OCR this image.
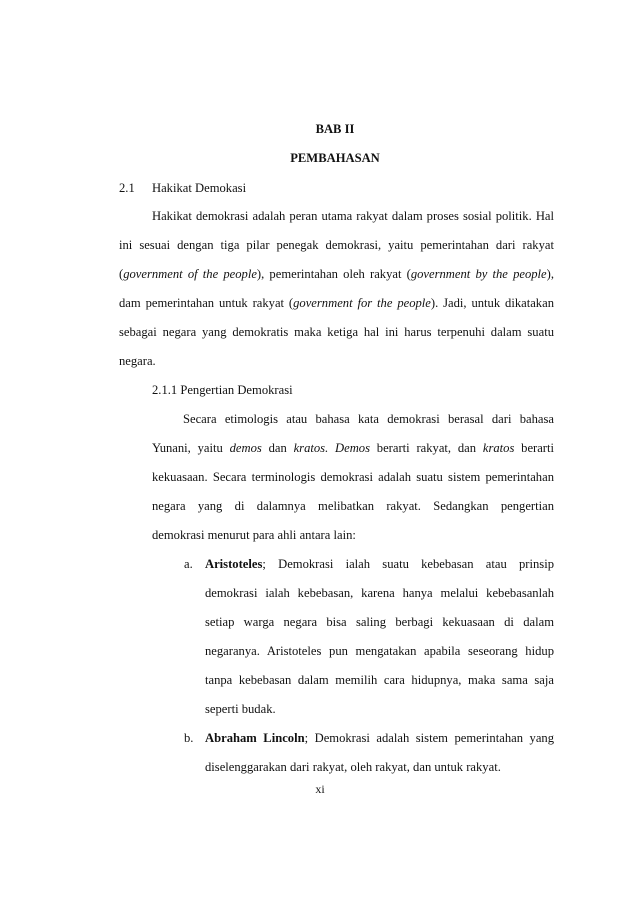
BAB II
PEMBAHASAN
2.1 Hakikat Demokasi
Hakikat demokrasi adalah peran utama rakyat dalam proses sosial politik. Hal
ini sesuai dengan tiga pilar penegak demokrasi, yaitu pemerintahan dari rakyat
(government of the people), pemerintahan oleh rakyat (government by the people),
dam pemerintahan untuk rakyat (government for the people). Jadi, untuk dikatakan
sebagai negara yang demokratis maka ketiga hal ini harus terpenuhi dalam suatu
negara.
2.1.1 Pengertian Demokrasi
Secara etimologis atau bahasa kata demokrasi berasal dari bahasa
Yunani, yaitu demos dan kratos. Demos berarti rakyat, dan kratos berarti
kekuasaan. Secara terminologis demokrasi adalah suatu sistem pemerintahan
negara yang di dalamnya melibatkan rakyat. Sedangkan pengertian
demokrasi menurut para ahli antara lain:
a. Aristoteles; Demokrasi ialah suatu kebebasan atau prinsip
demokrasi ialah kebebasan, karena hanya melalui kebebasanlah
setiap warga negara bisa saling berbagi kekuasaan di dalam
negaranya. Aristoteles pun mengatakan apabila seseorang hidup
tanpa kebebasan dalam memilih cara hidupnya, maka sama saja
seperti budak.
b. Abraham Lincoln; Demokrasi adalah sistem pemerintahan yang
diselenggarakan dari rakyat, oleh rakyat, dan untuk rakyat.
xi
